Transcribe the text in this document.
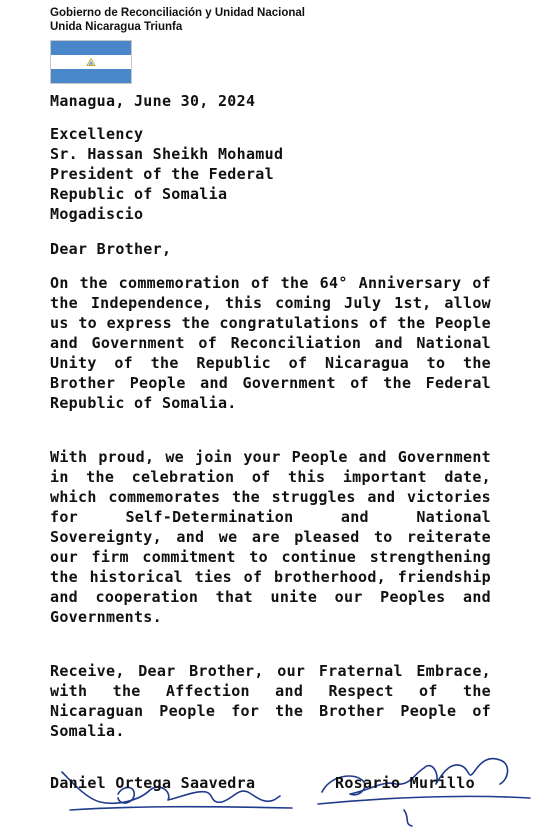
Gobierno de Reconciliación y Unidad Nacional
Unida Nicaragua Triunfa

Managua, June 30, 2024

Excellency
Sr. Hassan Sheikh Mohamud
President of the Federal
Republic of Somalia
Mogadiscio

Dear Brother,

On the commemoration of the 64° Anniversary of the Independence, this coming July 1st, allow us to express the congratulations of the People and Government of Reconciliation and National Unity of the Republic of Nicaragua to the Brother People and Government of the Federal Republic of Somalia.

With proud, we join your People and Government in the celebration of this important date, which commemorates the struggles and victories for Self-Determination and National Sovereignty, and we are pleased to reiterate our firm commitment to continue strengthening the historical ties of brotherhood, friendship and cooperation that unite our Peoples and Governments.

Receive, Dear Brother, our Fraternal Embrace, with the Affection and Respect of the Nicaraguan People for the Brother People of Somalia.

Daniel Ortega Saavedra	Rosario Murillo
